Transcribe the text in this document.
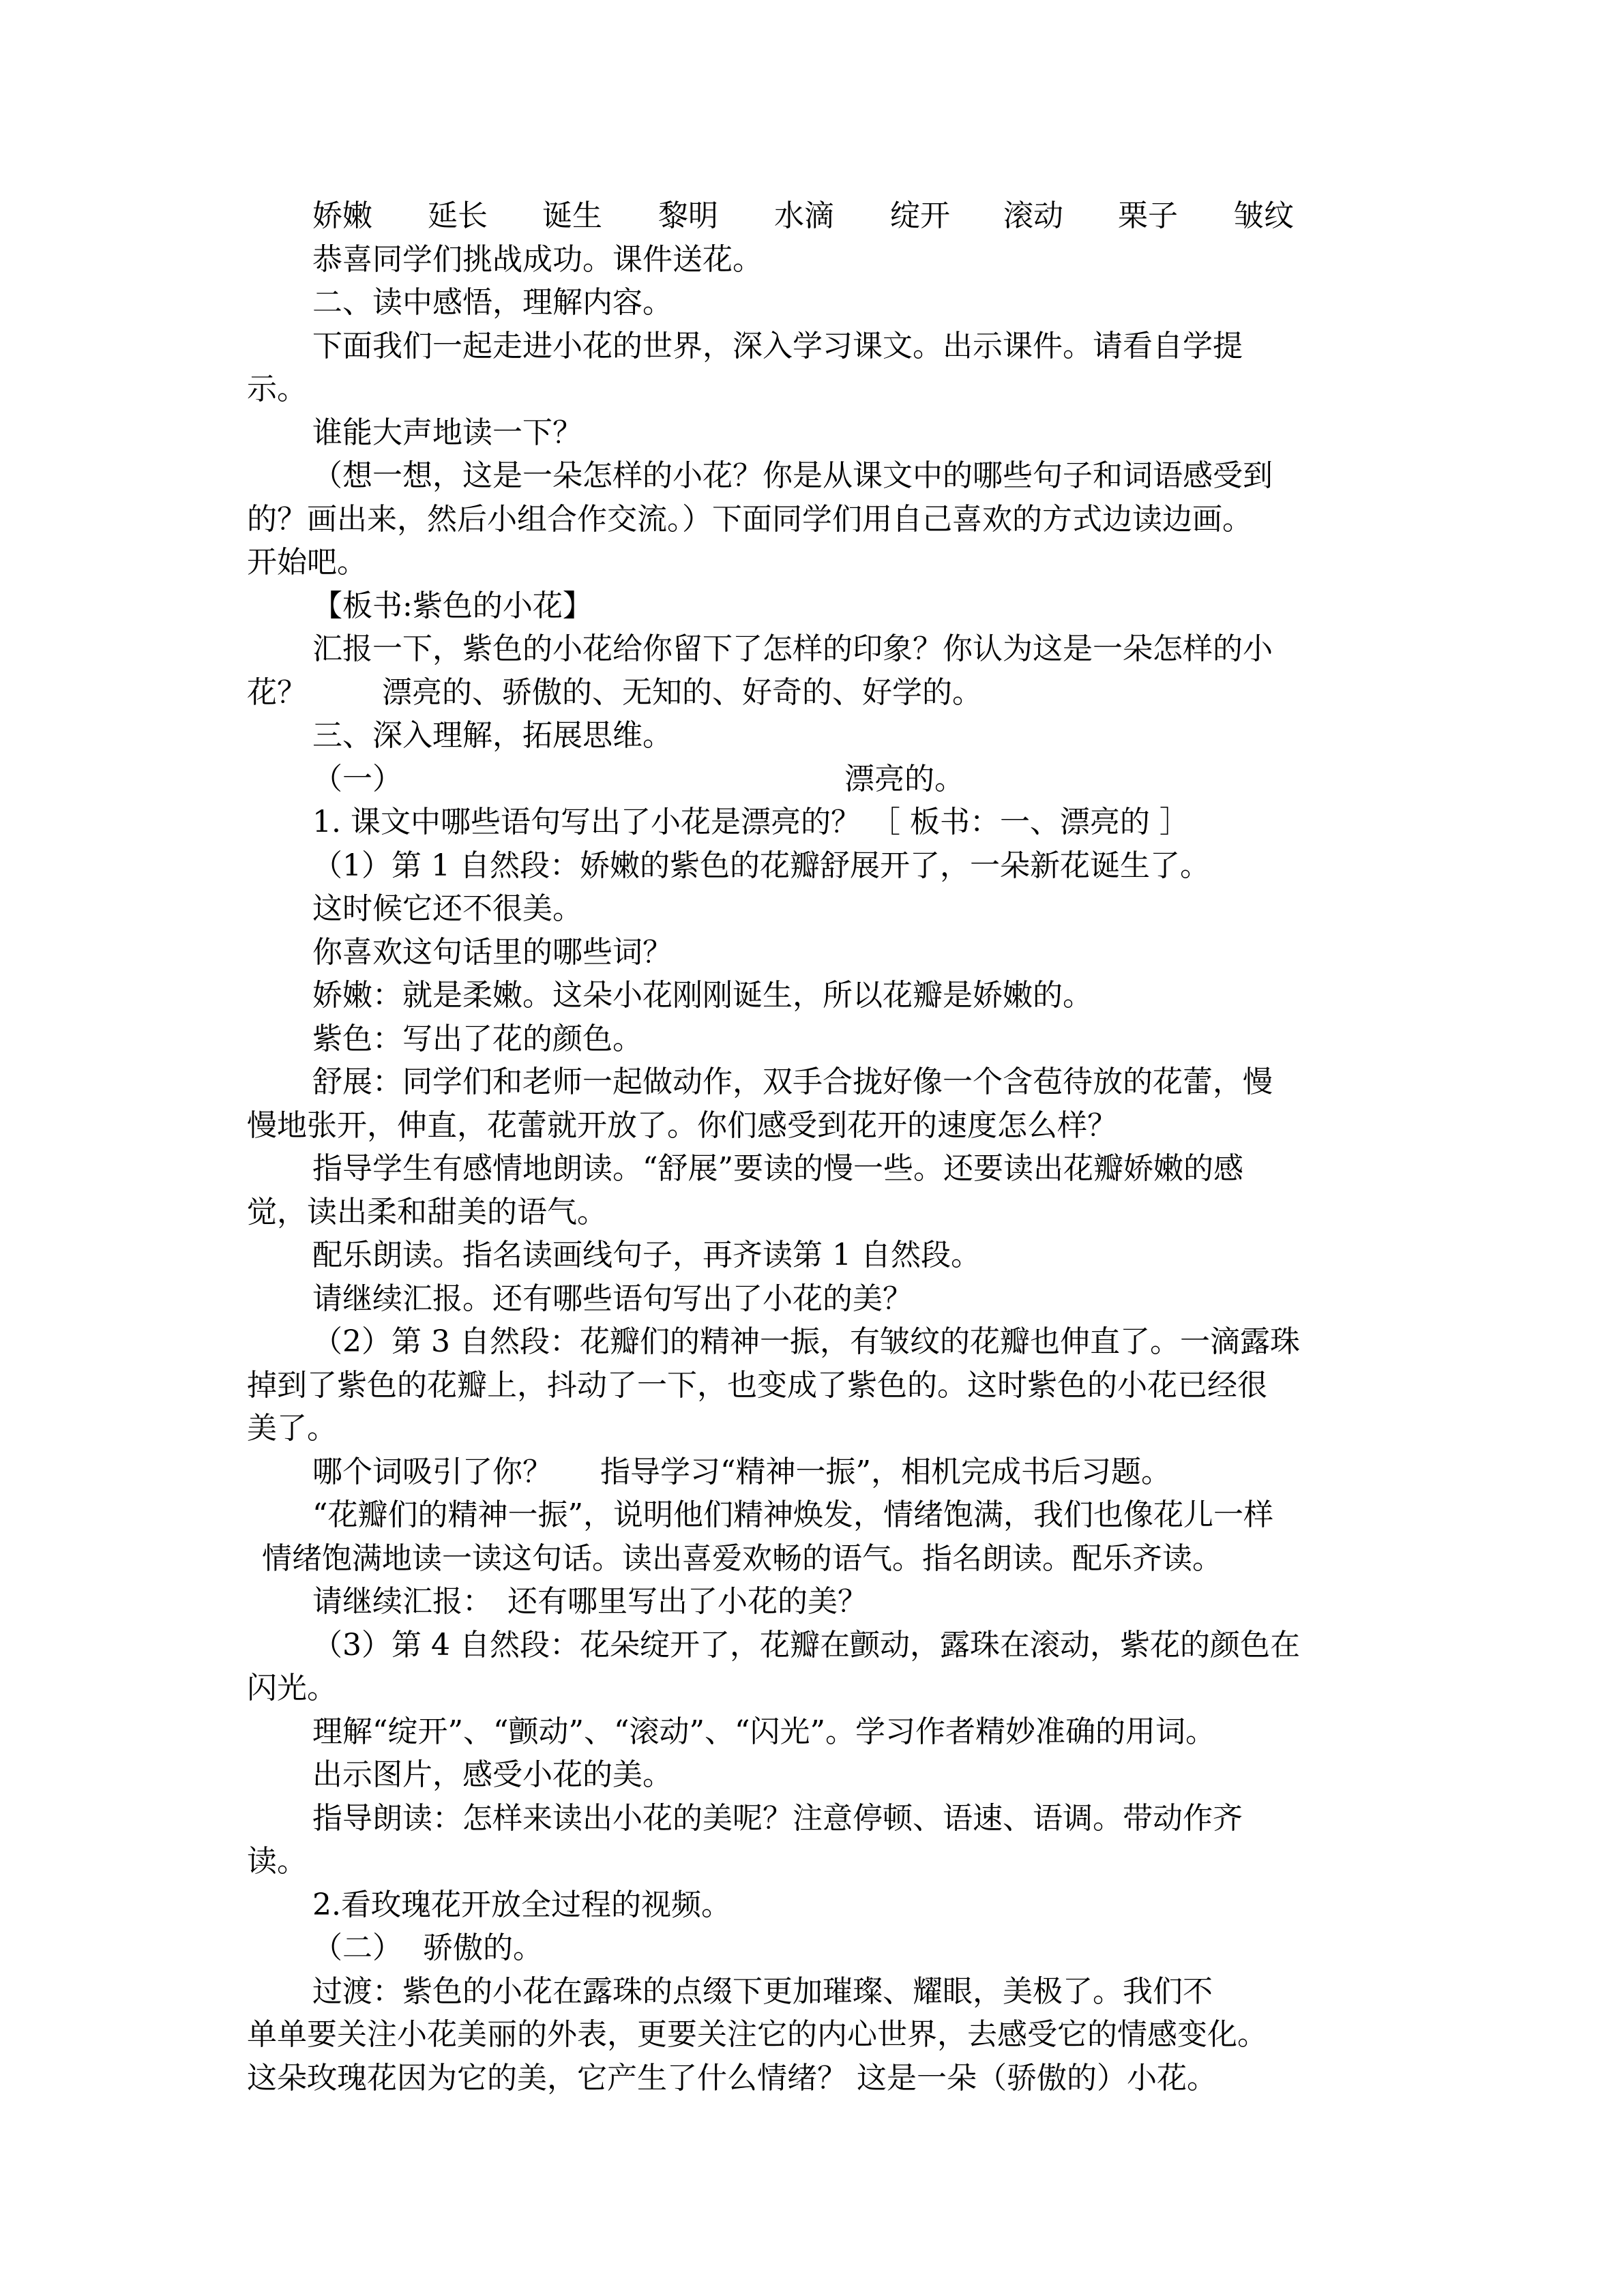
娇嫩 延长 诞生 黎明 水滴 绽开 滚动 栗子 皱纹
恭喜同学们挑战成功。课件送花。
二、读中感悟，理解内容。
下面我们一起走进小花的世界，深入学习课文。出示课件。请看自学提
示。
谁能大声地读一下？
（想一想，这是一朵怎样的小花？你是从课文中的哪些句子和词语感受到
的？画出来，然后小组合作交流。）下面同学们用自己喜欢的方式边读边画。
开始吧。
【板书:紫色的小花】
汇报一下，紫色的小花给你留下了怎样的印象？你认为这是一朵怎样的小
花？	漂亮的、骄傲的、无知的、好奇的、好学的。
三、深入理解，拓展思维。
（一）	漂亮的。
1. 课文中哪些语句写出了小花是漂亮的？ ［ 板书：一、漂亮的 ］
（1）第 1 自然段：娇嫩的紫色的花瓣舒展开了，一朵新花诞生了。
这时候它还不很美。
你喜欢这句话里的哪些词？
娇嫩：就是柔嫩。这朵小花刚刚诞生，所以花瓣是娇嫩的。
紫色：写出了花的颜色。
舒展：同学们和老师一起做动作，双手合拢好像一个含苞待放的花蕾，慢
慢地张开，伸直，花蕾就开放了。你们感受到花开的速度怎么样？
指导学生有感情地朗读。“舒展”要读的慢一些。还要读出花瓣娇嫩的感
觉，读出柔和甜美的语气。
配乐朗读。指名读画线句子，再齐读第 1 自然段。
请继续汇报。还有哪些语句写出了小花的美？
（2）第 3 自然段：花瓣们的精神一振，有皱纹的花瓣也伸直了。一滴露珠
掉到了紫色的花瓣上，抖动了一下，也变成了紫色的。这时紫色的小花已经很
美了。
哪个词吸引了你？ 指导学习“精神一振”，相机完成书后习题。
“花瓣们的精神一振”，说明他们精神焕发，情绪饱满，我们也像花儿一样
情绪饱满地读一读这句话。读出喜爱欢畅的语气。指名朗读。配乐齐读。
请继续汇报： 还有哪里写出了小花的美？
（3）第 4 自然段：花朵绽开了，花瓣在颤动，露珠在滚动，紫花的颜色在
闪光。
理解“绽开”、“颤动”、“滚动”、“闪光”。学习作者精妙准确的用词。
出示图片，感受小花的美。
指导朗读：怎样来读出小花的美呢？注意停顿、语速、语调。带动作齐
读。
2.看玫瑰花开放全过程的视频。
（二） 骄傲的。
过渡：紫色的小花在露珠的点缀下更加璀璨、耀眼，美极了。我们不
单单要关注小花美丽的外表，更要关注它的内心世界，去感受它的情感变化。
这朵玫瑰花因为它的美，它产生了什么情绪？ 这是一朵（骄傲的）小花。
